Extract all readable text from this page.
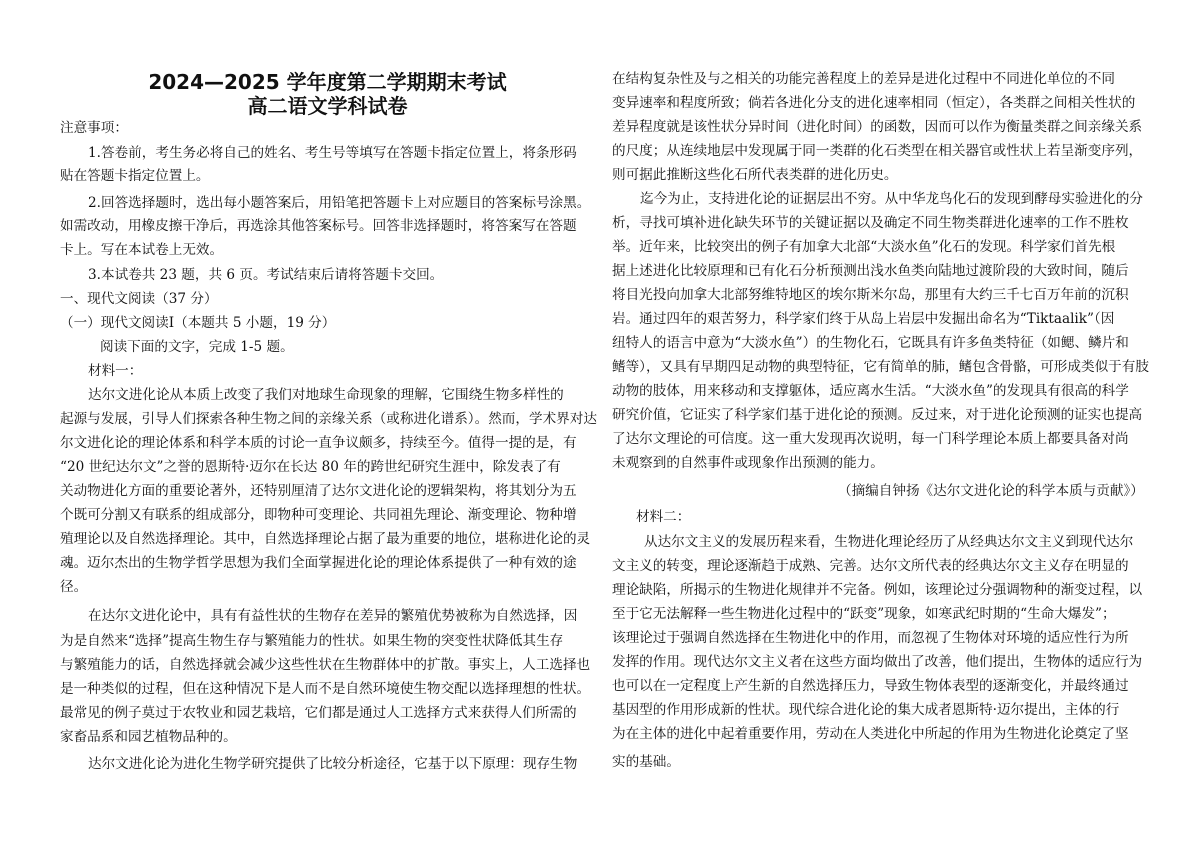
2024—2025 学年度第二学期期末考试
高二语文学科试卷
注意事项：
1.答卷前，考生务必将自己的姓名、考生号等填写在答题卡指定位置上，将条形码
贴在答题卡指定位置上。
2.回答选择题时，选出每小题答案后，用铅笔把答题卡上对应题目的答案标号涂黑。
如需改动，用橡皮擦干净后，再选涂其他答案标号。回答非选择题时，将答案写在答题
卡上。写在本试卷上无效。
3.本试卷共 23 题，共 6 页。考试结束后请将答题卡交回。
一、现代文阅读（37 分）
（一）现代文阅读Ⅰ（本题共 5 小题，19 分）
阅读下面的文字，完成 1-5 题。
材料一：
达尔文进化论从本质上改变了我们对地球生命现象的理解，它围绕生物多样性的
起源与发展，引导人们探索各种生物之间的亲缘关系（或称进化谱系）。然而，学术界对达
尔文进化论的理论体系和科学本质的讨论一直争议颇多，持续至今。值得一提的是，有
“20 世纪达尔文”之誉的恩斯特·迈尔在长达 80 年的跨世纪研究生涯中，除发表了有
关动物进化方面的重要论著外，还特别厘清了达尔文进化论的逻辑架构，将其划分为五
个既可分割又有联系的组成部分，即物种可变理论、共同祖先理论、渐变理论、物种增
殖理论以及自然选择理论。其中，自然选择理论占据了最为重要的地位，堪称进化论的灵
魂。迈尔杰出的生物学哲学思想为我们全面掌握进化论的理论体系提供了一种有效的途
径。
在达尔文进化论中，具有有益性状的生物存在差异的繁殖优势被称为自然选择，因
为是自然来“选择”提高生物生存与繁殖能力的性状。如果生物的突变性状降低其生存
与繁殖能力的话，自然选择就会减少这些性状在生物群体中的扩散。事实上，人工选择也
是一种类似的过程，但在这种情况下是人而不是自然环境使生物交配以选择理想的性状。
最常见的例子莫过于农牧业和园艺栽培，它们都是通过人工选择方式来获得人们所需的
家畜品系和园艺植物品种的。
达尔文进化论为进化生物学研究提供了比较分析途径，它基于以下原理：现存生物
在结构复杂性及与之相关的功能完善程度上的差异是进化过程中不同进化单位的不同
变异速率和程度所致；倘若各进化分支的进化速率相同（恒定），各类群之间相关性状的
差异程度就是该性状分异时间（进化时间）的函数，因而可以作为衡量类群之间亲缘关系
的尺度；从连续地层中发现属于同一类群的化石类型在相关器官或性状上若呈渐变序列，
则可据此推断这些化石所代表类群的进化历史。
迄今为止，支持进化论的证据层出不穷。从中华龙鸟化石的发现到酵母实验进化的分
析，寻找可填补进化缺失环节的关键证据以及确定不同生物类群进化速率的工作不胜枚
举。近年来，比较突出的例子有加拿大北部“大淡水鱼”化石的发现。科学家们首先根
据上述进化比较原理和已有化石分析预测出浅水鱼类向陆地过渡阶段的大致时间，随后
将目光投向加拿大北部努维特地区的埃尔斯米尔岛，那里有大约三千七百万年前的沉积
岩。通过四年的艰苦努力，科学家们终于从岛上岩层中发掘出命名为“Tiktaalik”（因
纽特人的语言中意为“大淡水鱼”）的生物化石，它既具有许多鱼类特征（如鳃、鳞片和
鳍等），又具有早期四足动物的典型特征，它有简单的肺，鳍包含骨骼，可形成类似于有肢
动物的肢体，用来移动和支撑躯体，适应离水生活。“大淡水鱼”的发现具有很高的科学
研究价值，它证实了科学家们基于进化论的预测。反过来，对于进化论预测的证实也提高
了达尔文理论的可信度。这一重大发现再次说明，每一门科学理论本质上都要具备对尚
未观察到的自然事件或现象作出预测的能力。
（摘编自钟扬《达尔文进化论的科学本质与贡献》）
材料二：
从达尔文主义的发展历程来看，生物进化理论经历了从经典达尔文主义到现代达尔
文主义的转变，理论逐渐趋于成熟、完善。达尔文所代表的经典达尔文主义存在明显的
理论缺陷，所揭示的生物进化规律并不完备。例如，该理论过分强调物种的渐变过程，以
至于它无法解释一些生物进化过程中的“跃变”现象，如寒武纪时期的“生命大爆发”；
该理论过于强调自然选择在生物进化中的作用，而忽视了生物体对环境的适应性行为所
发挥的作用。现代达尔文主义者在这些方面均做出了改善，他们提出，生物体的适应行为
也可以在一定程度上产生新的自然选择压力，导致生物体表型的逐渐变化，并最终通过
基因型的作用形成新的性状。现代综合进化论的集大成者恩斯特·迈尔提出，主体的行
为在主体的进化中起着重要作用，劳动在人类进化中所起的作用为生物进化论奠定了坚
实的基础。
